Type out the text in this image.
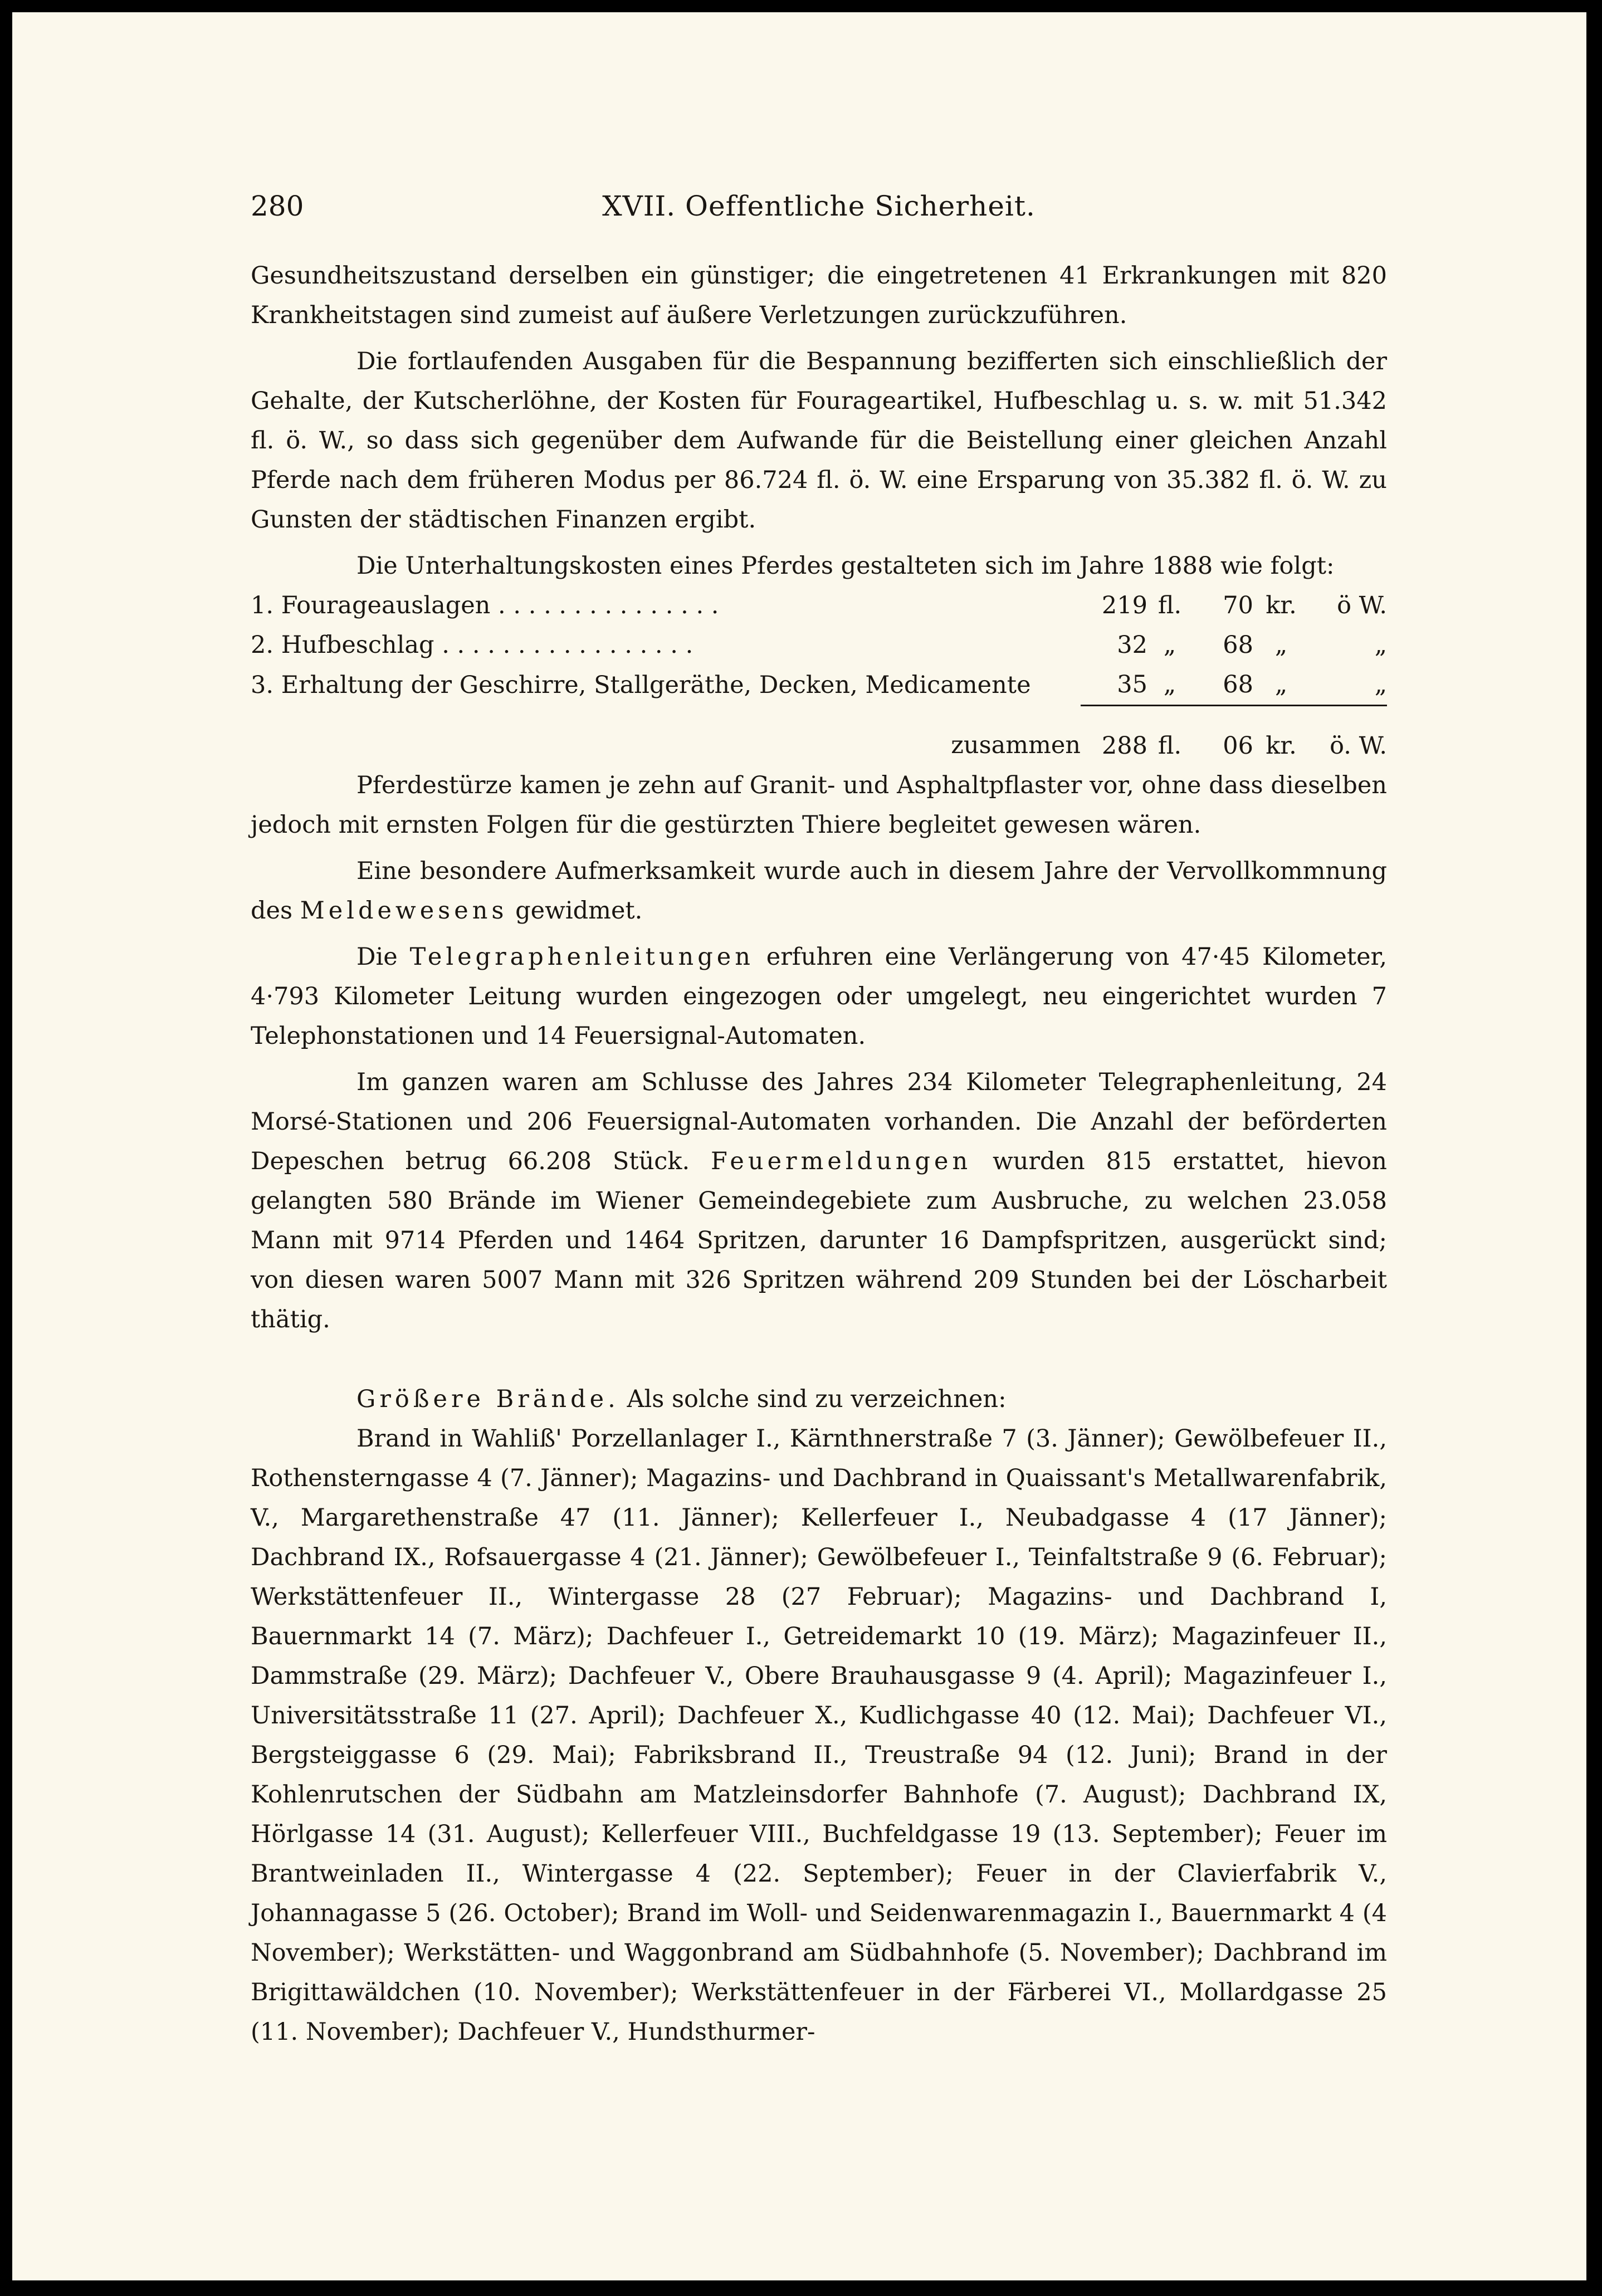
280	XVII. Oeffentliche Sicherheit.

Gesundheitszustand derselben ein günstiger; die eingetretenen 41 Erkrankungen mit 820 Krankheitstagen sind zumeist auf äußere Verletzungen zurückzuführen.

Die fortlaufenden Ausgaben für die Bespannung bezifferten sich einschließlich der Gehalte, der Kutscherlöhne, der Kosten für Fourageartikel, Hufbeschlag u. s. w. mit 51.342 fl. ö. W., so dass sich gegenüber dem Aufwande für die Beistellung einer gleichen Anzahl Pferde nach dem früheren Modus per 86.724 fl. ö. W. eine Ersparung von 35.382 fl. ö. W. zu Gunsten der städtischen Finanzen ergibt.

Die Unterhaltungskosten eines Pferdes gestalteten sich im Jahre 1888 wie folgt:

1. Fourageauslagen . . . . . . . . . . . . . . .	219	fl.	70	kr.	ö W.
2. Hufbeschlag . . . . . . . . . . . . . . . . .	32	„	68	„	„
3. Erhaltung der Geschirre, Stallgeräthe, Decken, Medicamente	35	„	68	„	„
zusammen	288	fl.	06	kr.	ö. W.

Pferdestürze kamen je zehn auf Granit- und Asphaltpflaster vor, ohne dass dieselben jedoch mit ernsten Folgen für die gestürzten Thiere begleitet gewesen wären.

Eine besondere Aufmerksamkeit wurde auch in diesem Jahre der Vervollkommnung des Meldewesens gewidmet.

Die Telegraphenleitungen erfuhren eine Verlängerung von 47·45 Kilometer, 4·793 Kilometer Leitung wurden eingezogen oder umgelegt, neu eingerichtet wurden 7 Telephonstationen und 14 Feuersignal-Automaten.

Im ganzen waren am Schlusse des Jahres 234 Kilometer Telegraphenleitung, 24 Morsé-Stationen und 206 Feuersignal-Automaten vorhanden. Die Anzahl der beförderten Depeschen betrug 66.208 Stück. Feuermeldungen wurden 815 erstattet, hievon gelangten 580 Brände im Wiener Gemeindegebiete zum Ausbruche, zu welchen 23.058 Mann mit 9714 Pferden und 1464 Spritzen, darunter 16 Dampfspritzen, ausgerückt sind; von diesen waren 5007 Mann mit 326 Spritzen während 209 Stunden bei der Löscharbeit thätig.

Größere Brände. Als solche sind zu verzeichnen:

Brand in Wahliß' Porzellanlager I., Kärnthnerstraße 7 (3. Jänner); Gewölbefeuer II., Rothensterngasse 4 (7. Jänner); Magazins- und Dachbrand in Quaissant's Metallwarenfabrik, V., Margarethenstraße 47 (11. Jänner); Kellerfeuer I., Neubadgasse 4 (17 Jänner); Dachbrand IX., Rofsauergasse 4 (21. Jänner); Gewölbefeuer I., Teinfaltstraße 9 (6. Februar); Werkstättenfeuer II., Wintergasse 28 (27 Februar); Magazins- und Dachbrand I, Bauernmarkt 14 (7. März); Dachfeuer I., Getreidemarkt 10 (19. März); Magazinfeuer II., Dammstraße (29. März); Dachfeuer V., Obere Brauhausgasse 9 (4. April); Magazinfeuer I., Universitätsstraße 11 (27. April); Dachfeuer X., Kudlichgasse 40 (12. Mai); Dachfeuer VI., Bergsteiggasse 6 (29. Mai); Fabriksbrand II., Treustraße 94 (12. Juni); Brand in der Kohlenrutschen der Südbahn am Matzleinsdorfer Bahnhofe (7. August); Dachbrand IX, Hörlgasse 14 (31. August); Kellerfeuer VIII., Buchfeldgasse 19 (13. September); Feuer im Brantweinladen II., Wintergasse 4 (22. September); Feuer in der Clavierfabrik V., Johannagasse 5 (26. October); Brand im Woll- und Seidenwarenmagazin I., Bauernmarkt 4 (4 November); Werkstätten- und Waggonbrand am Südbahnhofe (5. November); Dachbrand im Brigittawäldchen (10. November); Werkstättenfeuer in der Färberei VI., Mollardgasse 25 (11. November); Dachfeuer V., Hundsthurmer-
